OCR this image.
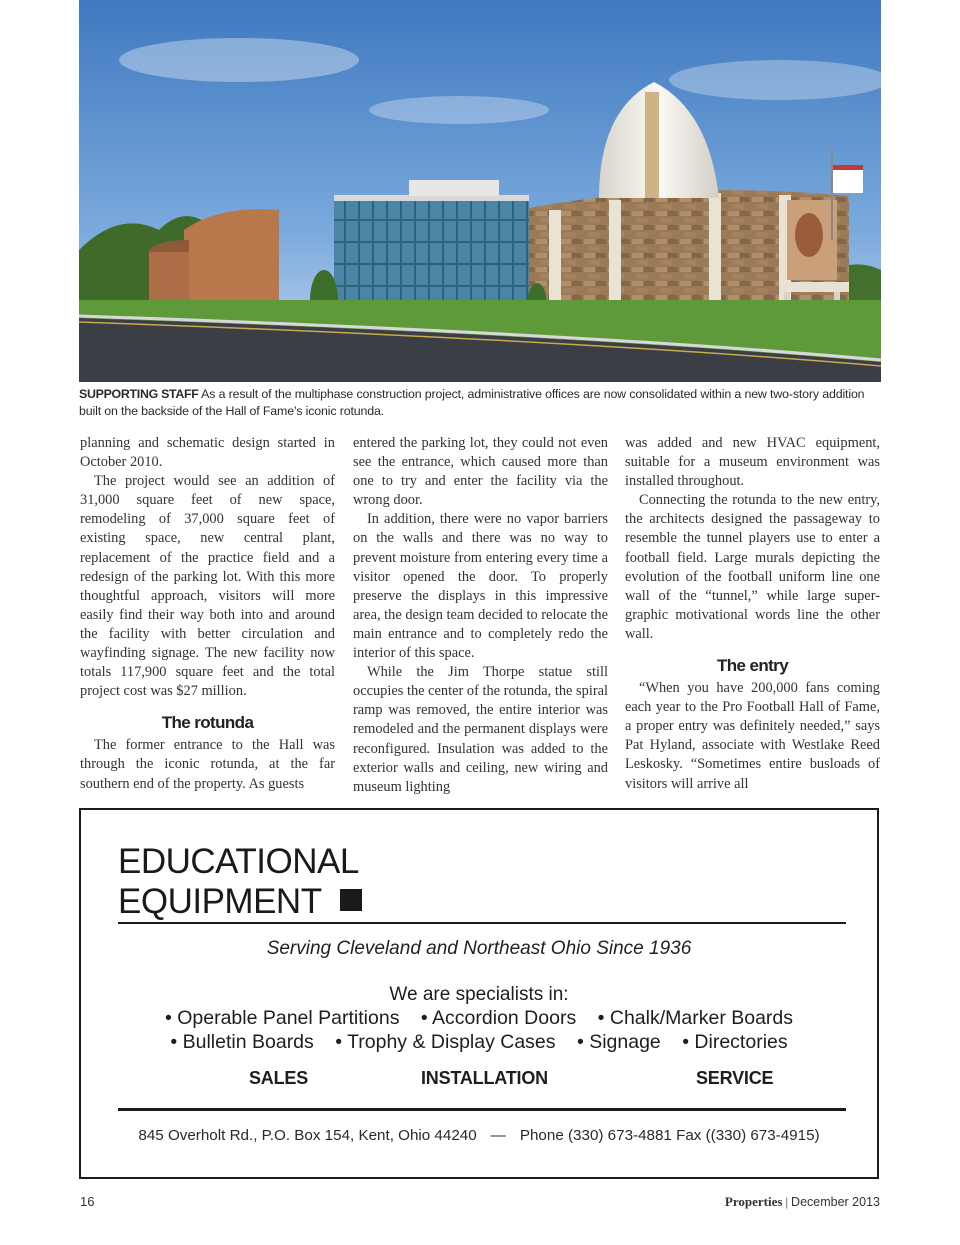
SUPPORTING STAFF As a result of the multiphase construction project, administrative offices are now consolidated within a new two-story addition built on the backside of the Hall of Fame’s iconic rotunda.

planning and schematic design started in October 2010.

The project would see an addition of 31,000 square feet of new space, remodeling of 37,000 square feet of existing space, new central plant, replacement of the practice field and a redesign of the parking lot. With this more thoughtful approach, visitors will more easily find their way both into and around the facility with better circulation and wayfinding signage. The new facility now totals 117,900 square feet and the total project cost was $27 million.

The rotunda

The former entrance to the Hall was through the iconic rotunda, at the far southern end of the property. As guests

entered the parking lot, they could not even see the entrance, which caused more than one to try and enter the facility via the wrong door.

In addition, there were no vapor barriers on the walls and there was no way to prevent moisture from entering every time a visitor opened the door. To properly preserve the displays in this impressive area, the design team decided to relocate the main entrance and to completely redo the interior of this space.

While the Jim Thorpe statue still occupies the center of the rotunda, the spiral ramp was removed, the entire interior was remodeled and the permanent displays were reconfigured. Insulation was added to the exterior walls and ceiling, new wiring and museum lighting

was added and new HVAC equipment, suitable for a museum environment was installed throughout.

Connecting the rotunda to the new entry, the architects designed the passageway to resemble the tunnel players use to enter a football field. Large murals depicting the evolution of the football uniform line one wall of the “tunnel,” while large super-graphic motivational words line the other wall.

The entry

“When you have 200,000 fans coming each year to the Pro Football Hall of Fame, a proper entry was definitely needed,” says Pat Hyland, associate with Westlake Reed Leskosky. “Sometimes entire busloads of visitors will arrive all

EDUCATIONAL
EQUIPMENT
Serving Cleveland and Northeast Ohio Since 1936
We are specialists in:
• Operable Panel Partitions • Accordion Doors • Chalk/Marker Boards
• Bulletin Boards • Trophy & Display Cases • Signage • Directories
SALES	INSTALLATION	SERVICE
845 Overholt Rd., P.O. Box 154, Kent, Ohio 44240 — Phone (330) 673-4881 Fax ((330) 673-4915)
16	Properties | December 2013
